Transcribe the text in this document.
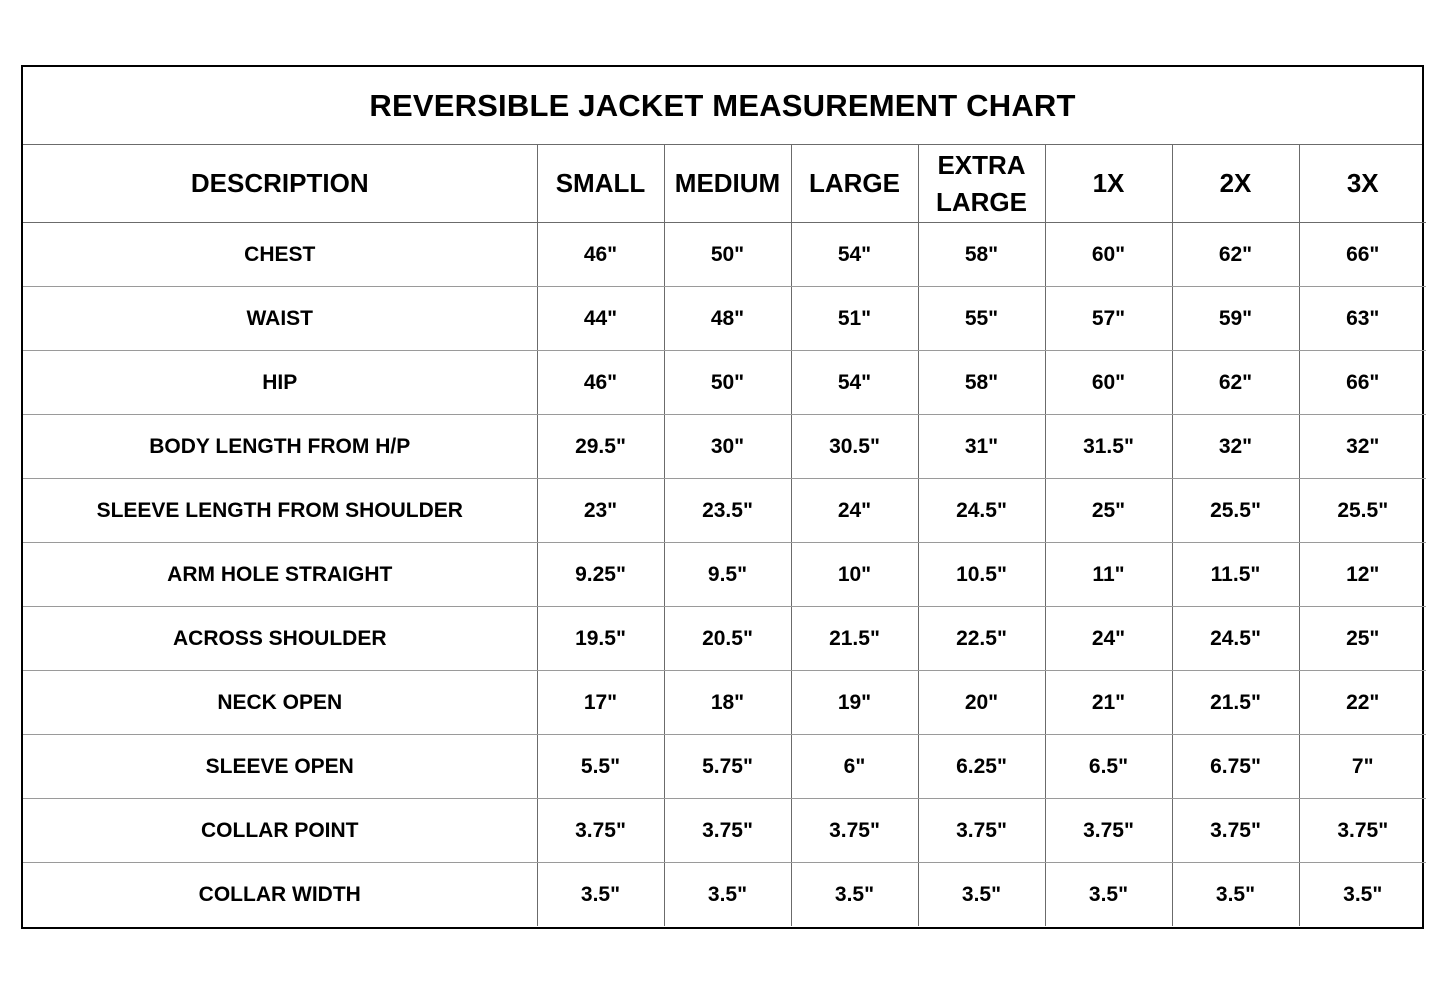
REVERSIBLE JACKET MEASUREMENT CHART
DESCRIPTION	SMALL	MEDIUM	LARGE	EXTRA LARGE	1X	2X	3X
CHEST	46"	50"	54"	58"	60"	62"	66"
WAIST	44"	48"	51"	55"	57"	59"	63"
HIP	46"	50"	54"	58"	60"	62"	66"
BODY LENGTH FROM H/P	29.5"	30"	30.5"	31"	31.5"	32"	32"
SLEEVE LENGTH FROM SHOULDER	23"	23.5"	24"	24.5"	25"	25.5"	25.5"
ARM HOLE STRAIGHT	9.25"	9.5"	10"	10.5"	11"	11.5"	12"
ACROSS SHOULDER	19.5"	20.5"	21.5"	22.5"	24"	24.5"	25"
NECK OPEN	17"	18"	19"	20"	21"	21.5"	22"
SLEEVE OPEN	5.5"	5.75"	6"	6.25"	6.5"	6.75"	7"
COLLAR POINT	3.75"	3.75"	3.75"	3.75"	3.75"	3.75"	3.75"
COLLAR WIDTH	3.5"	3.5"	3.5"	3.5"	3.5"	3.5"	3.5"
